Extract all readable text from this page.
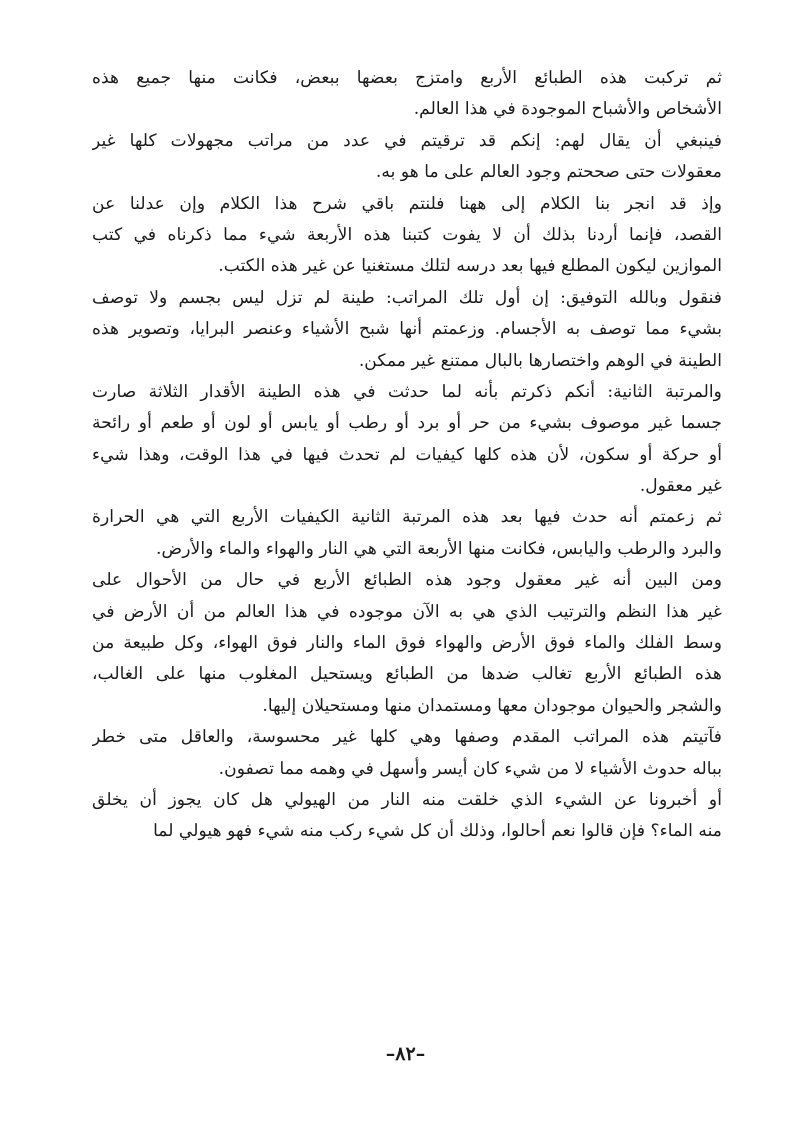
ثم تركبت هذه الطبائع الأربع وامتزج بعضها ببعض، فكانت منها جميع هذه
الأشخاص والأشباح الموجودة في هذا العالم.
فينبغي أن يقال لهم: إنكم قد ترقيتم في عدد من مراتب مجهولات كلها غير
معقولات حتى صححتم وجود العالم على ما هو به.
وإذ قد انجر بنا الكلام إلى ههنا فلنتم باقي شرح هذا الكلام وإن عدلنا عن
القصد، فإنما أردنا بذلك أن لا يفوت كتبنا هذه الأربعة شيء مما ذكرناه في كتب
الموازين ليكون المطلع فيها بعد درسه لتلك مستغنيا عن غير هذه الكتب.
فنقول وبالله التوفيق: إن أول تلك المراتب: طينة لم تزل ليس بجسم ولا توصف
بشيء مما توصف به الأجسام. وزعمتم أنها شبح الأشياء وعنصر البرايا، وتصوير هذه
الطينة في الوهم واختصارها بالبال ممتنع غير ممكن.
والمرتبة الثانية: أنكم ذكرتم بأنه لما حدثت في هذه الطينة الأقدار الثلاثة صارت
جسما غير موصوف بشيء من حر أو برد أو رطب أو يابس أو لون أو طعم أو رائحة
أو حركة أو سكون، لأن هذه كلها كيفيات لم تحدث فيها في هذا الوقت، وهذا شيء
غير معقول.
ثم زعمتم أنه حدث فيها بعد هذه المرتبة الثانية الكيفيات الأربع التي هي الحرارة
والبرد والرطب واليابس، فكانت منها الأربعة التي هي النار والهواء والماء والأرض.
ومن البين أنه غير معقول وجود هذه الطبائع الأربع في حال من الأحوال على
غير هذا النظم والترتيب الذي هي به الآن موجوده في هذا العالم من أن الأرض في
وسط الفلك والماء فوق الأرض والهواء فوق الماء والنار فوق الهواء، وكل طبيعة من
هذه الطبائع الأربع تغالب ضدها من الطبائع ويستحيل المغلوب منها على الغالب،
والشجر والحيوان موجودان معها ومستمدان منها ومستحيلان إليها.
فآتيتم هذه المراتب المقدم وصفها وهي كلها غير محسوسة، والعاقل متى خطر
بباله حدوث الأشياء لا من شيء كان أيسر وأسهل في وهمه مما تصفون.
أو أخبرونا عن الشيء الذي خلقت منه النار من الهيولي هل كان يجوز أن يخلق
منه الماء؟ فإن قالوا نعم أحالوا، وذلك أن كل شيء ركب منه شيء فهو هيولي لما
–٨٢–
